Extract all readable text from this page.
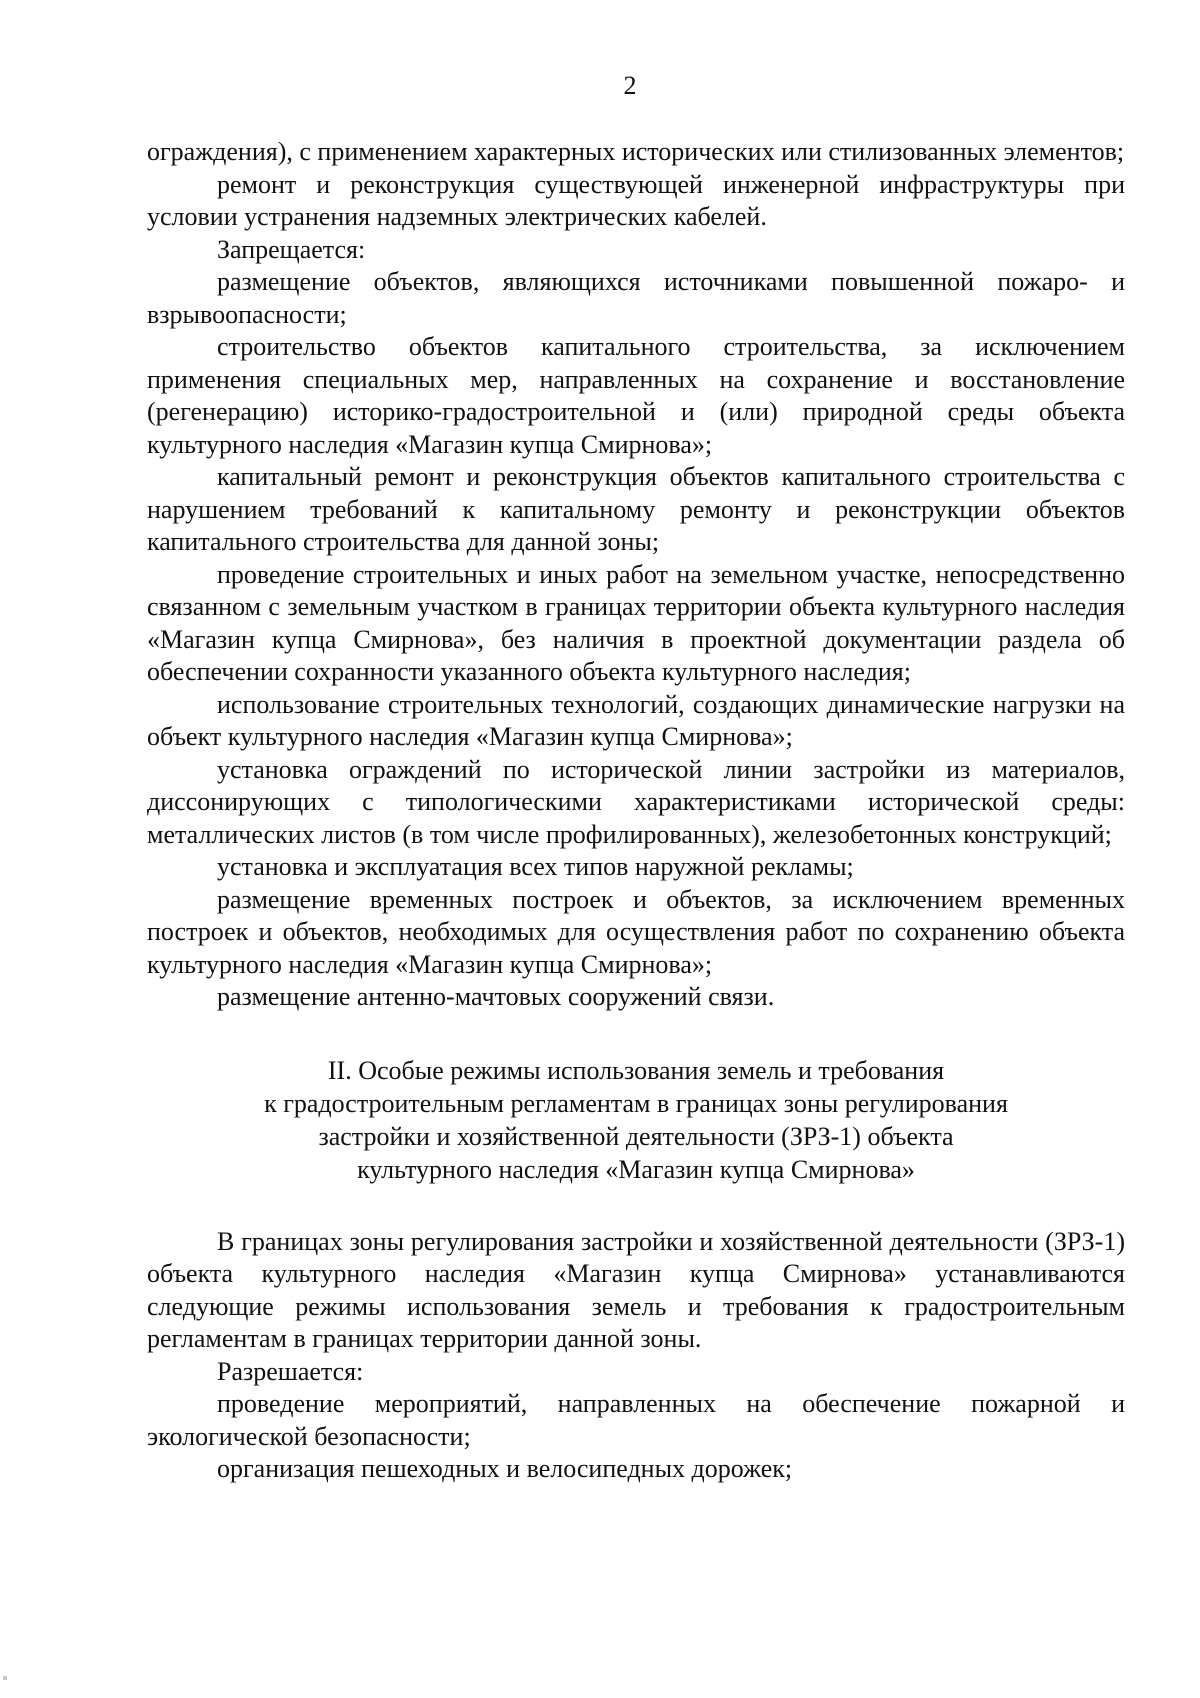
2

ограждения), с применением характерных исторических или стилизованных элементов;

ремонт и реконструкция существующей инженерной инфраструктуры при условии устранения надземных электрических кабелей.

Запрещается:

размещение объектов, являющихся источниками повышенной пожаро- и взрывоопасности;

строительство объектов капитального строительства, за исключением применения специальных мер, направленных на сохранение и восстановление (регенерацию) историко-градостроительной и (или) природной среды объекта культурного наследия «Магазин купца Смирнова»;

капитальный ремонт и реконструкция объектов капитального строительства с нарушением требований к капитальному ремонту и реконструкции объектов капитального строительства для данной зоны;

проведение строительных и иных работ на земельном участке, непосредственно связанном с земельным участком в границах территории объекта культурного наследия «Магазин купца Смирнова», без наличия в проектной документации раздела об обеспечении сохранности указанного объекта культурного наследия;

использование строительных технологий, создающих динамические нагрузки на объект культурного наследия «Магазин купца Смирнова»;

установка ограждений по исторической линии застройки из материалов, диссонирующих с типологическими характеристиками исторической среды: металлических листов (в том числе профилированных), железобетонных конструкций;

установка и эксплуатация всех типов наружной рекламы;

размещение временных построек и объектов, за исключением временных построек и объектов, необходимых для осуществления работ по сохранению объекта культурного наследия «Магазин купца Смирнова»;

размещение антенно-мачтовых сооружений связи.

II. Особые режимы использования земель и требования
к градостроительным регламентам в границах зоны регулирования
застройки и хозяйственной деятельности (ЗРЗ-1) объекта
культурного наследия «Магазин купца Смирнова»

В границах зоны регулирования застройки и хозяйственной деятельности (ЗРЗ-1) объекта культурного наследия «Магазин купца Смирнова» устанавливаются следующие режимы использования земель и требования к градостроительным регламентам в границах территории данной зоны.

Разрешается:

проведение мероприятий, направленных на обеспечение пожарной и экологической безопасности;

организация пешеходных и велосипедных дорожек;
